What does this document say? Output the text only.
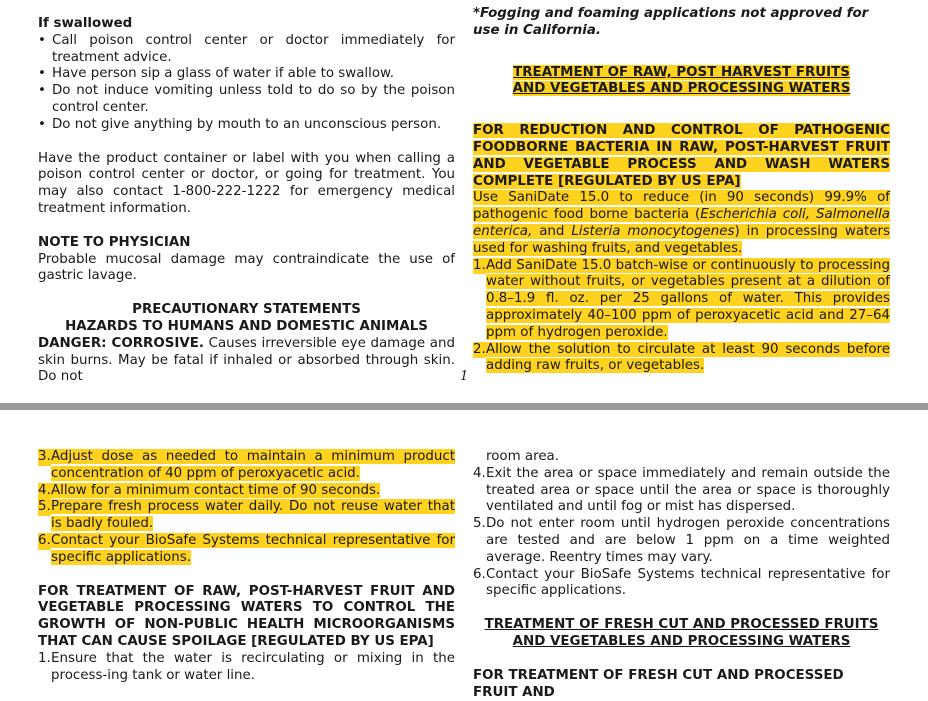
If swallowed

• Call poison control center or doctor immediately for treatment advice.
• Have person sip a glass of water if able to swallow.
• Do not induce vomiting unless told to do so by the poison control center.
• Do not give anything by mouth to an unconscious person.

Have the product container or label with you when calling a poison control center or doctor, or going for treatment. You may also contact 1-800-222-1222 for emergency medical treatment information.

NOTE TO PHYSICIAN

Probable mucosal damage may contraindicate the use of gastric lavage.

PRECAUTIONARY STATEMENTS

HAZARDS TO HUMANS AND DOMESTIC ANIMALS

DANGER: CORROSIVE. Causes irreversible eye damage and skin burns. May be fatal if inhaled or absorbed through skin. Do not

*Fogging and foaming applications not approved for use in California.

TREATMENT OF RAW, POST HARVEST FRUITS AND VEGETABLES AND PROCESSING WATERS

FOR REDUCTION AND CONTROL OF PATHOGENIC FOODBORNE BACTERIA IN RAW, POST-HARVEST FRUIT AND VEGETABLE PROCESS AND WASH WATERS COMPLETE [REGULATED BY US EPA]

Use SaniDate 15.0 to reduce (in 90 seconds) 99.9% of pathogenic food borne bacteria (Escherichia coli, Salmonella enterica, and Listeria monocytogenes) in processing waters used for washing fruits, and vegetables.

1. Add SaniDate 15.0 batch-wise or continuously to processing water without fruits, or vegetables present at a dilution of 0.8–1.9 fl. oz. per 25 gallons of water. This provides approximately 40–100 ppm of peroxyacetic acid and 27–64 ppm of hydrogen peroxide.
2. Allow the solution to circulate at least 90 seconds before adding raw fruits, or vegetables.
1
3. Adjust dose as needed to maintain a minimum product concentration of 40 ppm of peroxyacetic acid.
4. Allow for a minimum contact time of 90 seconds.
5. Prepare fresh process water daily. Do not reuse water that is badly fouled.
6. Contact your BioSafe Systems technical representative for specific applications.

FOR TREATMENT OF RAW, POST-HARVEST FRUIT AND VEGETABLE PROCESSING WATERS TO CONTROL THE GROWTH OF NON-PUBLIC HEALTH MICROORGANISMS THAT CAN CAUSE SPOILAGE [REGULATED BY US EPA]

1. Ensure that the water is recirculating or mixing in the process-ing tank or water line.

room area.

4. Exit the area or space immediately and remain outside the treated area or space until the area or space is thoroughly ventilated and until fog or mist has dispersed.
5. Do not enter room until hydrogen peroxide concentrations are tested and are below 1 ppm on a time weighted average. Reentry times may vary.
6. Contact your BioSafe Systems technical representative for specific applications.

TREATMENT OF FRESH CUT AND PROCESSED FRUITS AND VEGETABLES AND PROCESSING WATERS

FOR TREATMENT OF FRESH CUT AND PROCESSED FRUIT AND
